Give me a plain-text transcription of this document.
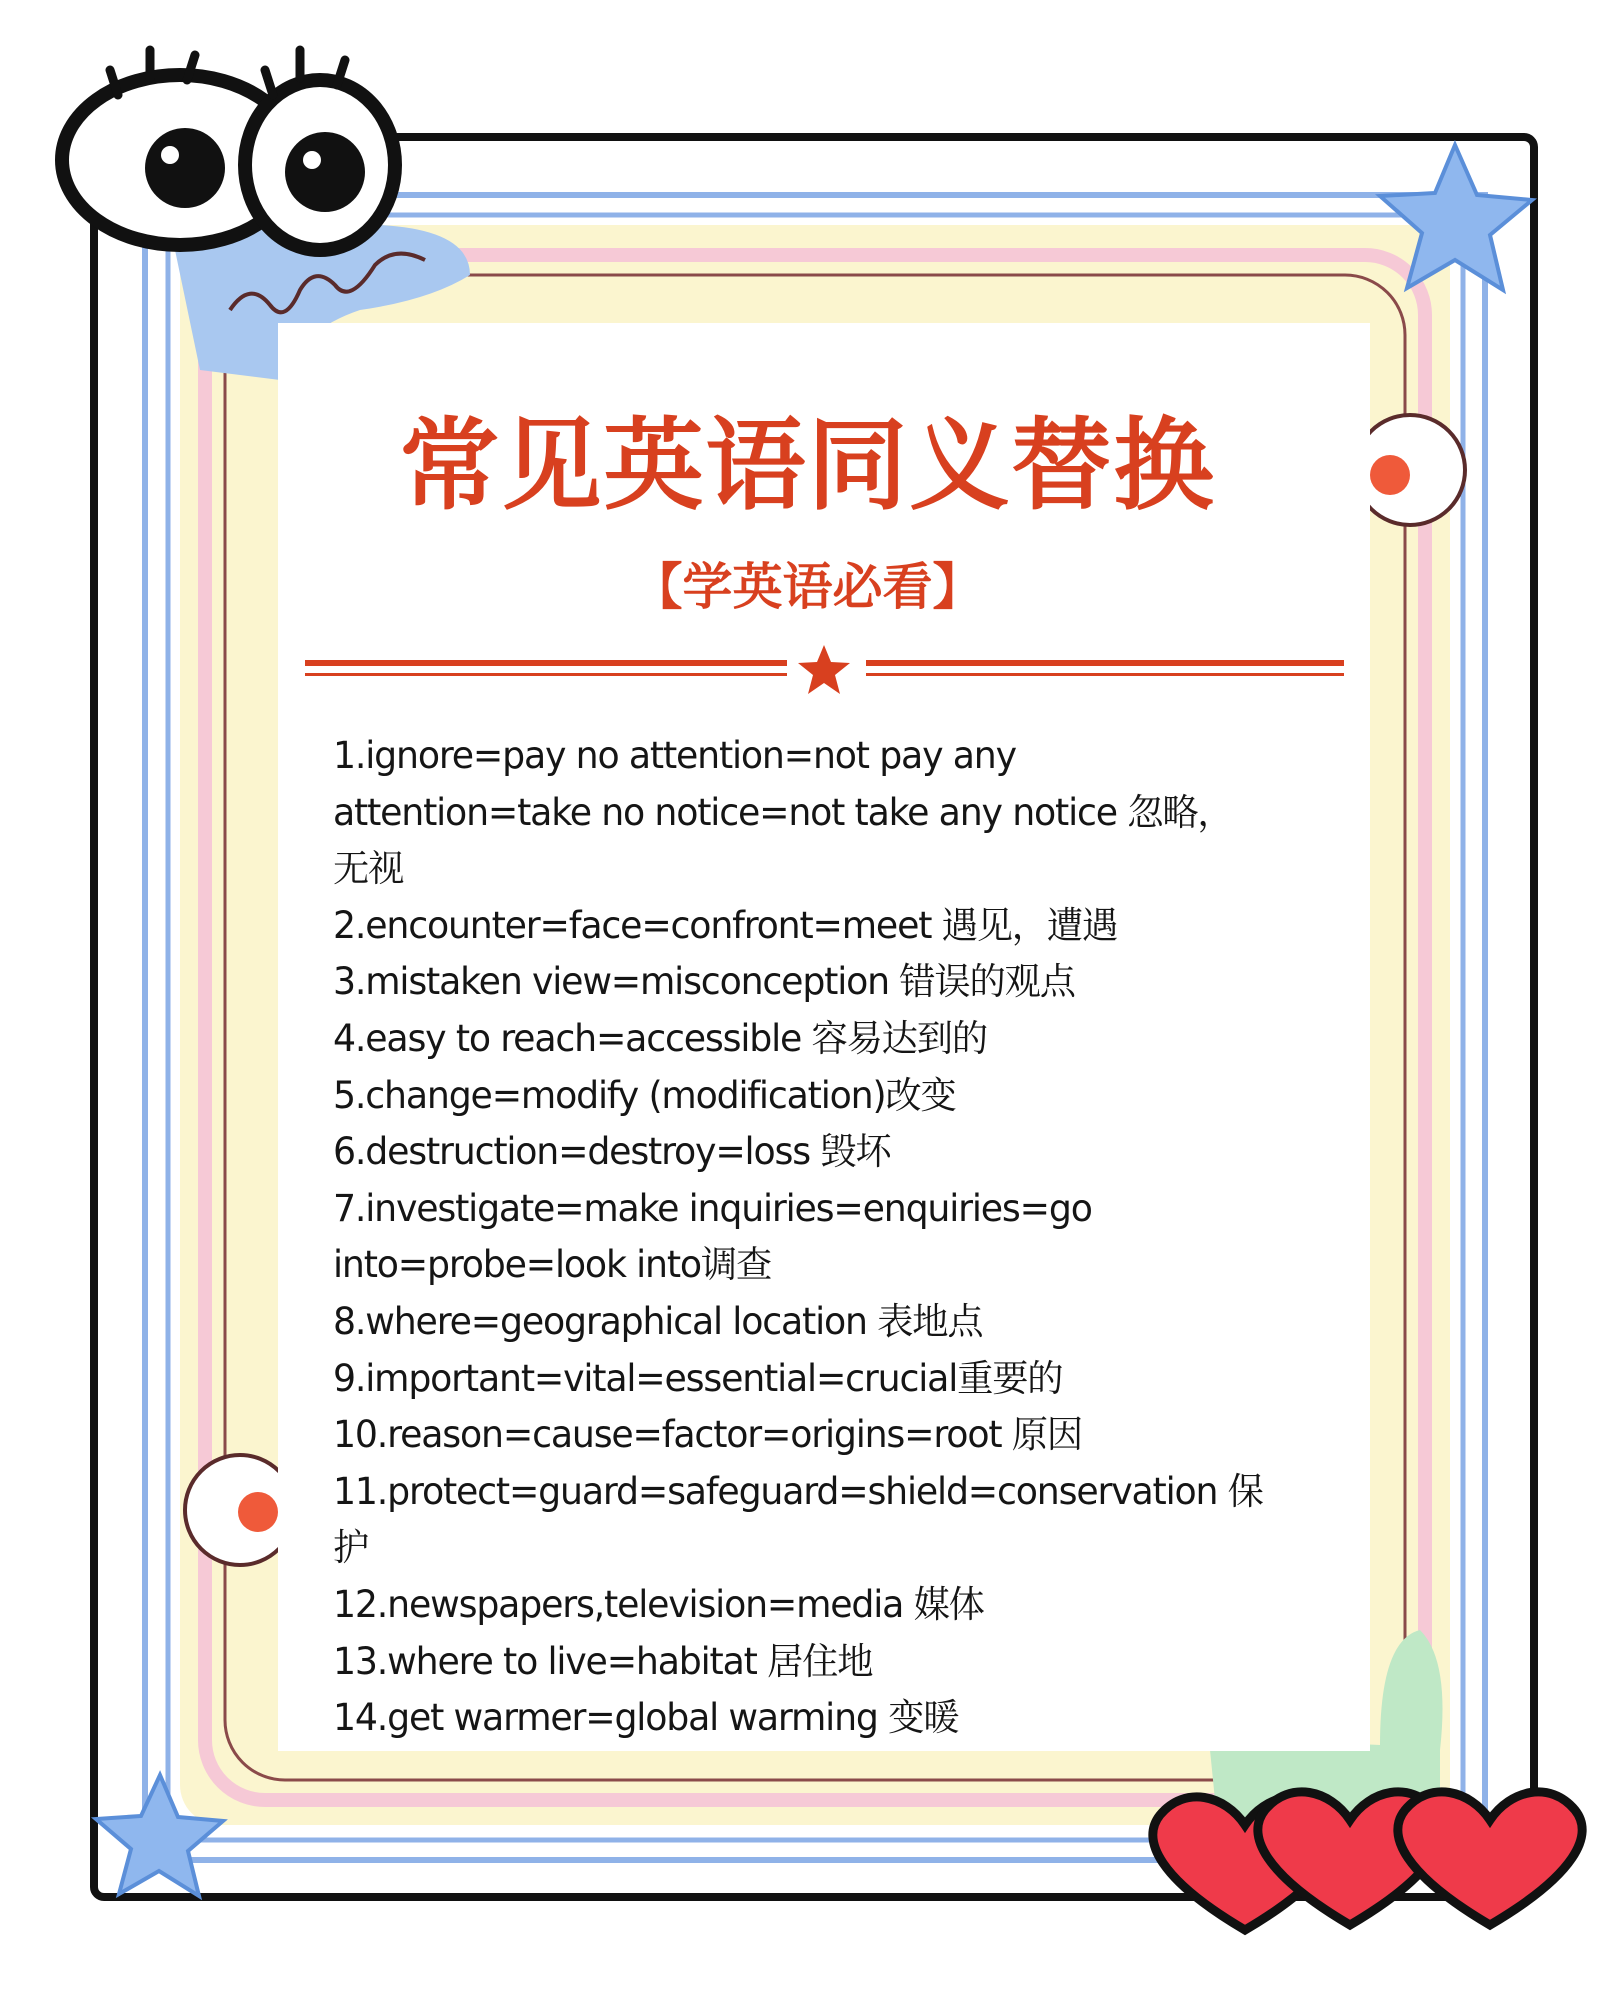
常见英语同义替换
【学英语必看】
1.ignore=pay no attention=not pay any
attention=take no notice=not take any notice 忽略，
无视
2.encounter=face=confront=meet 遇见，遭遇
3.mistaken view=misconception 错误的观点
4.easy to reach=accessible 容易达到的
5.change=modify (modification)改变
6.destruction=destroy=loss 毁坏
7.investigate=make inquiries=enquiries=go
into=probe=look into调查
8.where=geographical location 表地点
9.important=vital=essential=crucial重要的
10.reason=cause=factor=origins=root 原因
11.protect=guard=safeguard=shield=conservation 保
护
12.newspapers,television=media 媒体
13.where to live=habitat 居住地
14.get warmer=global warming 变暖
